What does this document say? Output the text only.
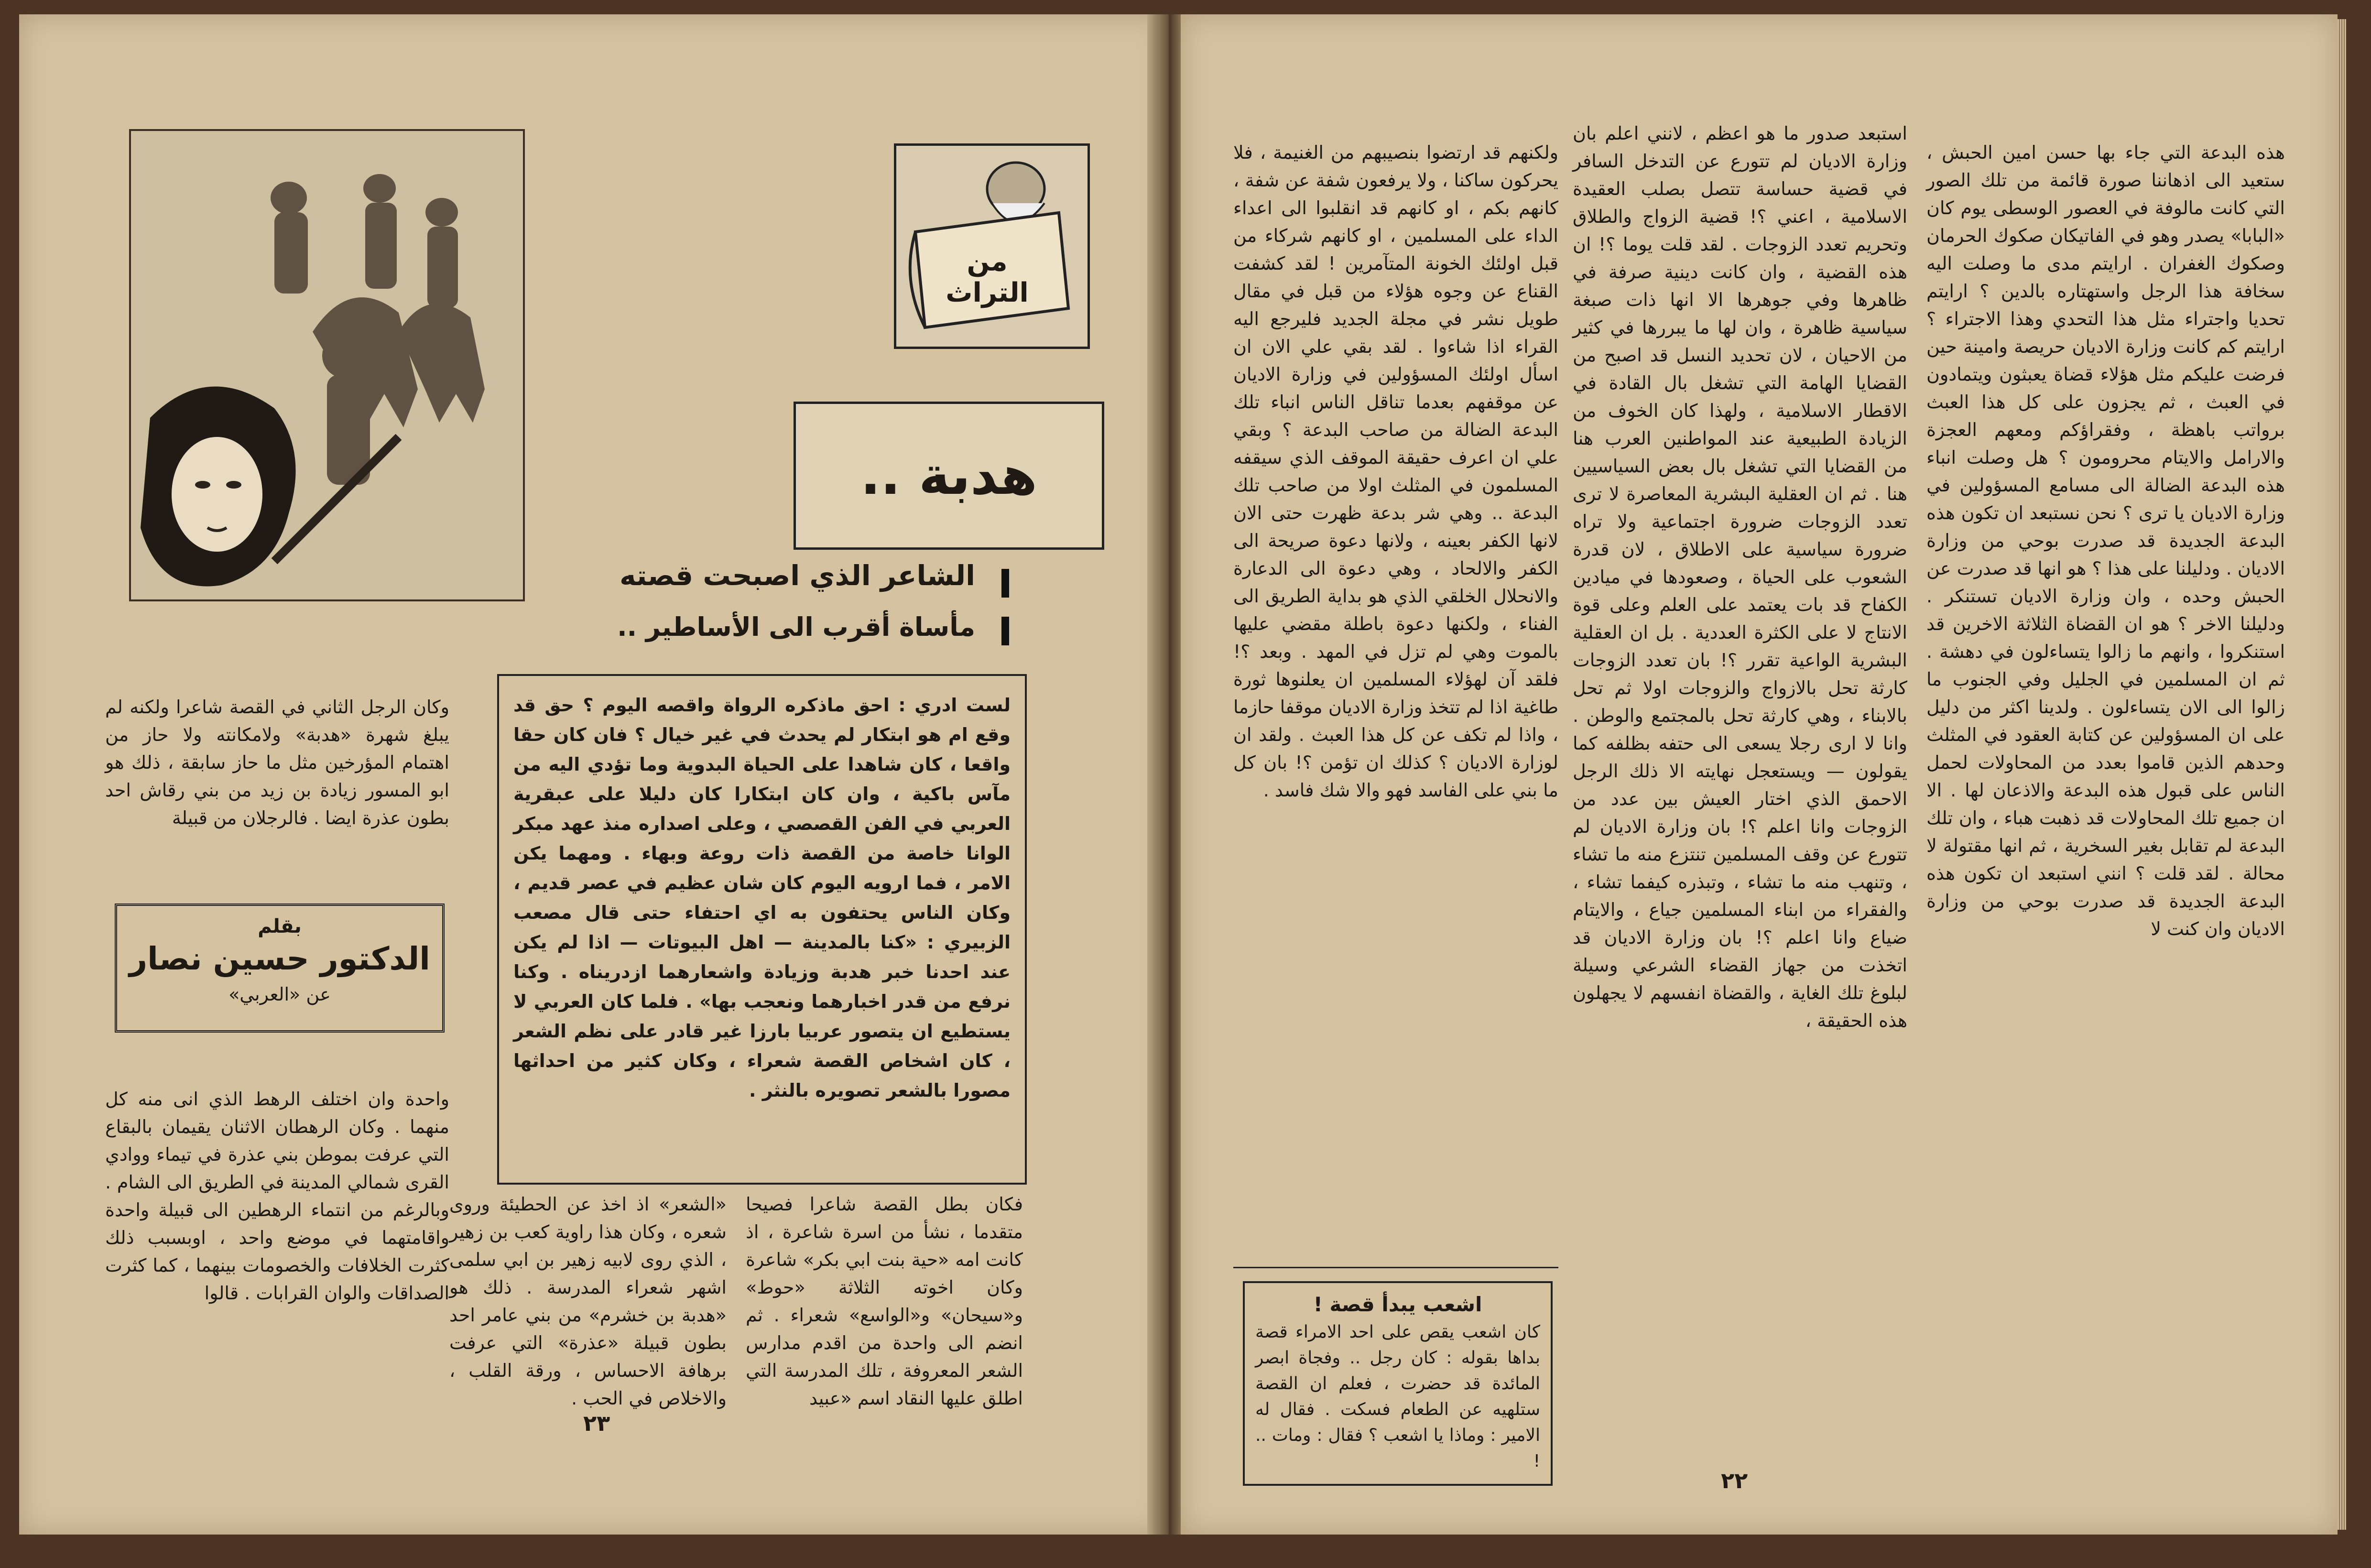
من التراث
هدبة ..
الشاعر الذي اصبحت قصته
مأساة أقرب الى الأساطير ..
لست ادري : احق ماذكره الرواة واقصه اليوم ؟ حق قد وقع ام هو ابتكار لم يحدث في غير خيال ؟ فان كان حقا واقعا ، كان شاهدا على الحياة البدوية وما تؤدي اليه من مآس باكية ، وان كان ابتكارا كان دليلا على عبقرية العربي في الفن القصصي ، وعلى اصداره منذ عهد مبكر الوانا خاصة من القصة ذات روعة وبهاء . ومهما يكن الامر ، فما ارويه اليوم كان شان عظيم في عصر قديم ، وكان الناس يحتفون به اي احتفاء حتى قال مصعب الزبيري : «كنا بالمدينة — اهل البيوتات — اذا لم يكن عند احدنا خبر هدبة وزيادة واشعارهما ازدريناه . وكنا نرفع من قدر اخبارهما ونعجب بها» . فلما كان العربي لا يستطيع ان يتصور عربيا بارزا غير قادر على نظم الشعر ، كان اشخاص القصة شعراء ، وكان كثير من احداثها مصورا بالشعر تصويره بالنثر .
وكان الرجل الثاني في القصة شاعرا ولكنه لم يبلغ شهرة «هدبة» ولامكانته ولا حاز من اهتمام المؤرخين مثل ما حاز سابقة ، ذلك هو ابو المسور زيادة بن زيد من بني رقاش احد بطون عذرة ايضا . فالرجلان من قبيلة
بقلم
الدكتور حسين نصار
عن «العربي»
واحدة وان اختلف الرهط الذي انى منه كل منهما . وكان الرهطان الاثنان يقيمان بالبقاع التي عرفت بموطن بني عذرة في تيماء ووادي القرى شمالي المدينة في الطريق الى الشام . وبالرغم من انتماء الرهطين الى قبيلة واحدة واقامتهما في موضع واحد ، اوبسبب ذلك كثرت الخلافات والخصومات بينهما ، كما كثرت الصداقات والوان القرابات . قالوا
«الشعر» اذ اخذ عن الحطيئة وروى شعره ، وكان هذا راوية كعب بن زهير ، الذي روى لابيه زهير بن ابي سلمى اشهر شعراء المدرسة . ذلك هو «هدبة بن خشرم» من بني عامر احد بطون قبيلة «عذرة» التي عرفت برهافة الاحساس ، ورقة القلب ، والاخلاص في الحب .
فكان بطل القصة شاعرا فصيحا متقدما ، نشأ من اسرة شاعرة ، اذ كانت امه «حية بنت ابي بكر» شاعرة وكان اخوته الثلاثة «حوط» و«سيحان» و«الواسع» شعراء . ثم انضم الى واحدة من اقدم مدارس الشعر المعروفة ، تلك المدرسة التي اطلق عليها النقاد اسم «عبيد
٢٣
هذه البدعة التي جاء بها حسن امين الحبش ، ستعيد الى اذهاننا صورة قائمة من تلك الصور التي كانت مالوفة في العصور الوسطى يوم كان «البابا» يصدر وهو في الفاتيكان صكوك الحرمان وصكوك الغفران . ارايتم مدى ما وصلت اليه سخافة هذا الرجل واستهتاره بالدين ؟ ارايتم تحديا واجتراء مثل هذا التحدي وهذا الاجتراء ؟ ارايتم كم كانت وزارة الاديان حريصة وامينة حين فرضت عليكم مثل هؤلاء قضاة يعبثون ويتمادون في العبث ، ثم يجزون على كل هذا العبث برواتب باهظة ، وفقراؤكم ومعهم العجزة والارامل والايتام محرومون ؟ هل وصلت انباء هذه البدعة الضالة الى مسامع المسؤولين في وزارة الاديان يا ترى ؟ نحن نستبعد ان تكون هذه البدعة الجديدة قد صدرت بوحي من وزارة الاديان . ودليلنا على هذا ؟ هو انها قد صدرت عن الحبش وحده ، وان وزارة الاديان تستنكر . ودليلنا الاخر ؟ هو ان القضاة الثلاثة الاخرين قد استنكروا ، وانهم ما زالوا يتساءلون في دهشة . ثم ان المسلمين في الجليل وفي الجنوب ما زالوا الى الان يتساءلون . ولدينا اكثر من دليل على ان المسؤولين عن كتابة العقود في المثلث وحدهم الذين قاموا بعدد من المحاولات لحمل الناس على قبول هذه البدعة والاذعان لها . الا ان جميع تلك المحاولات قد ذهبت هباء ، وان تلك البدعة لم تقابل بغير السخرية ، ثم انها مقتولة لا محالة . لقد قلت ؟ انني استبعد ان تكون هذه البدعة الجديدة قد صدرت بوحي من وزارة الاديان وان كنت لا
استبعد صدور ما هو اعظم ، لانني اعلم بان وزارة الاديان لم تتورع عن التدخل السافر في قضية حساسة تتصل بصلب العقيدة الاسلامية ، اعني ؟! قضية الزواج والطلاق وتحريم تعدد الزوجات . لقد قلت يوما ؟! ان هذه القضية ، وان كانت دينية صرفة في ظاهرها وفي جوهرها الا انها ذات صبغة سياسية ظاهرة ، وان لها ما يبررها في كثير من الاحيان ، لان تحديد النسل قد اصبح من القضايا الهامة التي تشغل بال القادة في الاقطار الاسلامية ، ولهذا كان الخوف من الزيادة الطبيعية عند المواطنين العرب هنا من القضايا التي تشغل بال بعض السياسيين هنا . ثم ان العقلية البشرية المعاصرة لا ترى تعدد الزوجات ضرورة اجتماعية ولا تراه ضرورة سياسية على الاطلاق ، لان قدرة الشعوب على الحياة ، وصعودها في ميادين الكفاح قد بات يعتمد على العلم وعلى قوة الانتاج لا على الكثرة العددية . بل ان العقلية البشرية الواعية تقرر ؟! بان تعدد الزوجات كارثة تحل بالازواج والزوجات اولا ثم تحل بالابناء ، وهي كارثة تحل بالمجتمع والوطن . وانا لا ارى رجلا يسعى الى حتفه بظلفه كما يقولون — ويستعجل نهايته الا ذلك الرجل الاحمق الذي اختار العيش بين عدد من الزوجات وانا اعلم ؟! بان وزارة الاديان لم تتورع عن وقف المسلمين تنتزع منه ما تشاء ، وتنهب منه ما تشاء ، وتبذره كيفما تشاء ، والفقراء من ابناء المسلمين جياع ، والايتام ضياع وانا اعلم ؟! بان وزارة الاديان قد اتخذت من جهاز القضاء الشرعي وسيلة لبلوغ تلك الغاية ، والقضاة انفسهم لا يجهلون هذه الحقيقة ،
ولكنهم قد ارتضوا بنصيبهم من الغنيمة ، فلا يحركون ساكنا ، ولا يرفعون شفة عن شفة ، كانهم بكم ، او كانهم قد انقلبوا الى اعداء الداء على المسلمين ، او كانهم شركاء من قبل اولئك الخونة المتآمرين ! لقد كشفت القناع عن وجوه هؤلاء من قبل في مقال طويل نشر في مجلة الجديد فليرجع اليه القراء اذا شاءوا . لقد بقي علي الان ان اسأل اولئك المسؤولين في وزارة الاديان عن موقفهم بعدما تناقل الناس انباء تلك البدعة الضالة من صاحب البدعة ؟ وبقي علي ان اعرف حقيقة الموقف الذي سيقفه المسلمون في المثلث اولا من صاحب تلك البدعة .. وهي شر بدعة ظهرت حتى الان لانها الكفر بعينه ، ولانها دعوة صريحة الى الكفر والالحاد ، وهي دعوة الى الدعارة والانحلال الخلقي الذي هو بداية الطريق الى الفناء ، ولكنها دعوة باطلة مقضي عليها بالموت وهي لم تزل في المهد . وبعد ؟! فلقد آن لهؤلاء المسلمين ان يعلنوها ثورة طاغية اذا لم تتخذ وزارة الاديان موقفا حازما ، واذا لم تكف عن كل هذا العبث . ولقد ان لوزارة الاديان ؟ كذلك ان تؤمن ؟! بان كل ما بني على الفاسد فهو والا شك فاسد .
اشعب يبدأ قصة !
كان اشعب يقص على احد الامراء قصة بداها بقوله : كان رجل .. وفجاة ابصر المائدة قد حضرت ، فعلم ان القصة ستلهيه عن الطعام فسكت . فقال له الامير : وماذا يا اشعب ؟ فقال : ومات .. !
٢٢
